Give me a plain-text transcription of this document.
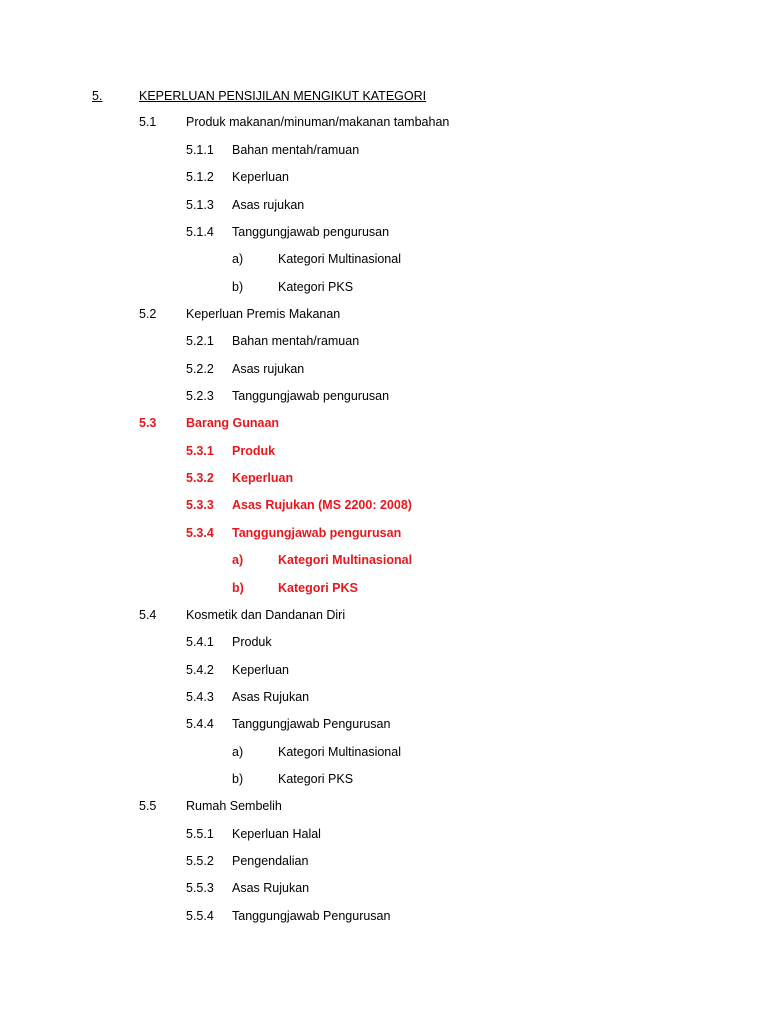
5.	KEPERLUAN PENSIJILAN MENGIKUT KATEGORI
5.1 Produk makanan/minuman/makanan tambahan
5.1.1 Bahan mentah/ramuan
5.1.2 Keperluan
5.1.3 Asas rujukan
5.1.4 Tanggungjawab pengurusan
a)	Kategori Multinasional
b)	Kategori PKS
5.2 Keperluan Premis Makanan
5.2.1 Bahan mentah/ramuan
5.2.2 Asas rujukan
5.2.3 Tanggungjawab pengurusan
5.3 Barang Gunaan
5.3.1 Produk
5.3.2 Keperluan
5.3.3 Asas Rujukan (MS 2200: 2008)
5.3.4 Tanggungjawab pengurusan
a)	Kategori Multinasional
b)	Kategori PKS
5.4 Kosmetik dan Dandanan Diri
5.4.1 Produk
5.4.2 Keperluan
5.4.3 Asas Rujukan
5.4.4 Tanggungjawab Pengurusan
a)	Kategori Multinasional
b)	Kategori PKS
5.5 Rumah Sembelih
5.5.1 Keperluan Halal
5.5.2 Pengendalian
5.5.3 Asas Rujukan
5.5.4 Tanggungjawab Pengurusan
